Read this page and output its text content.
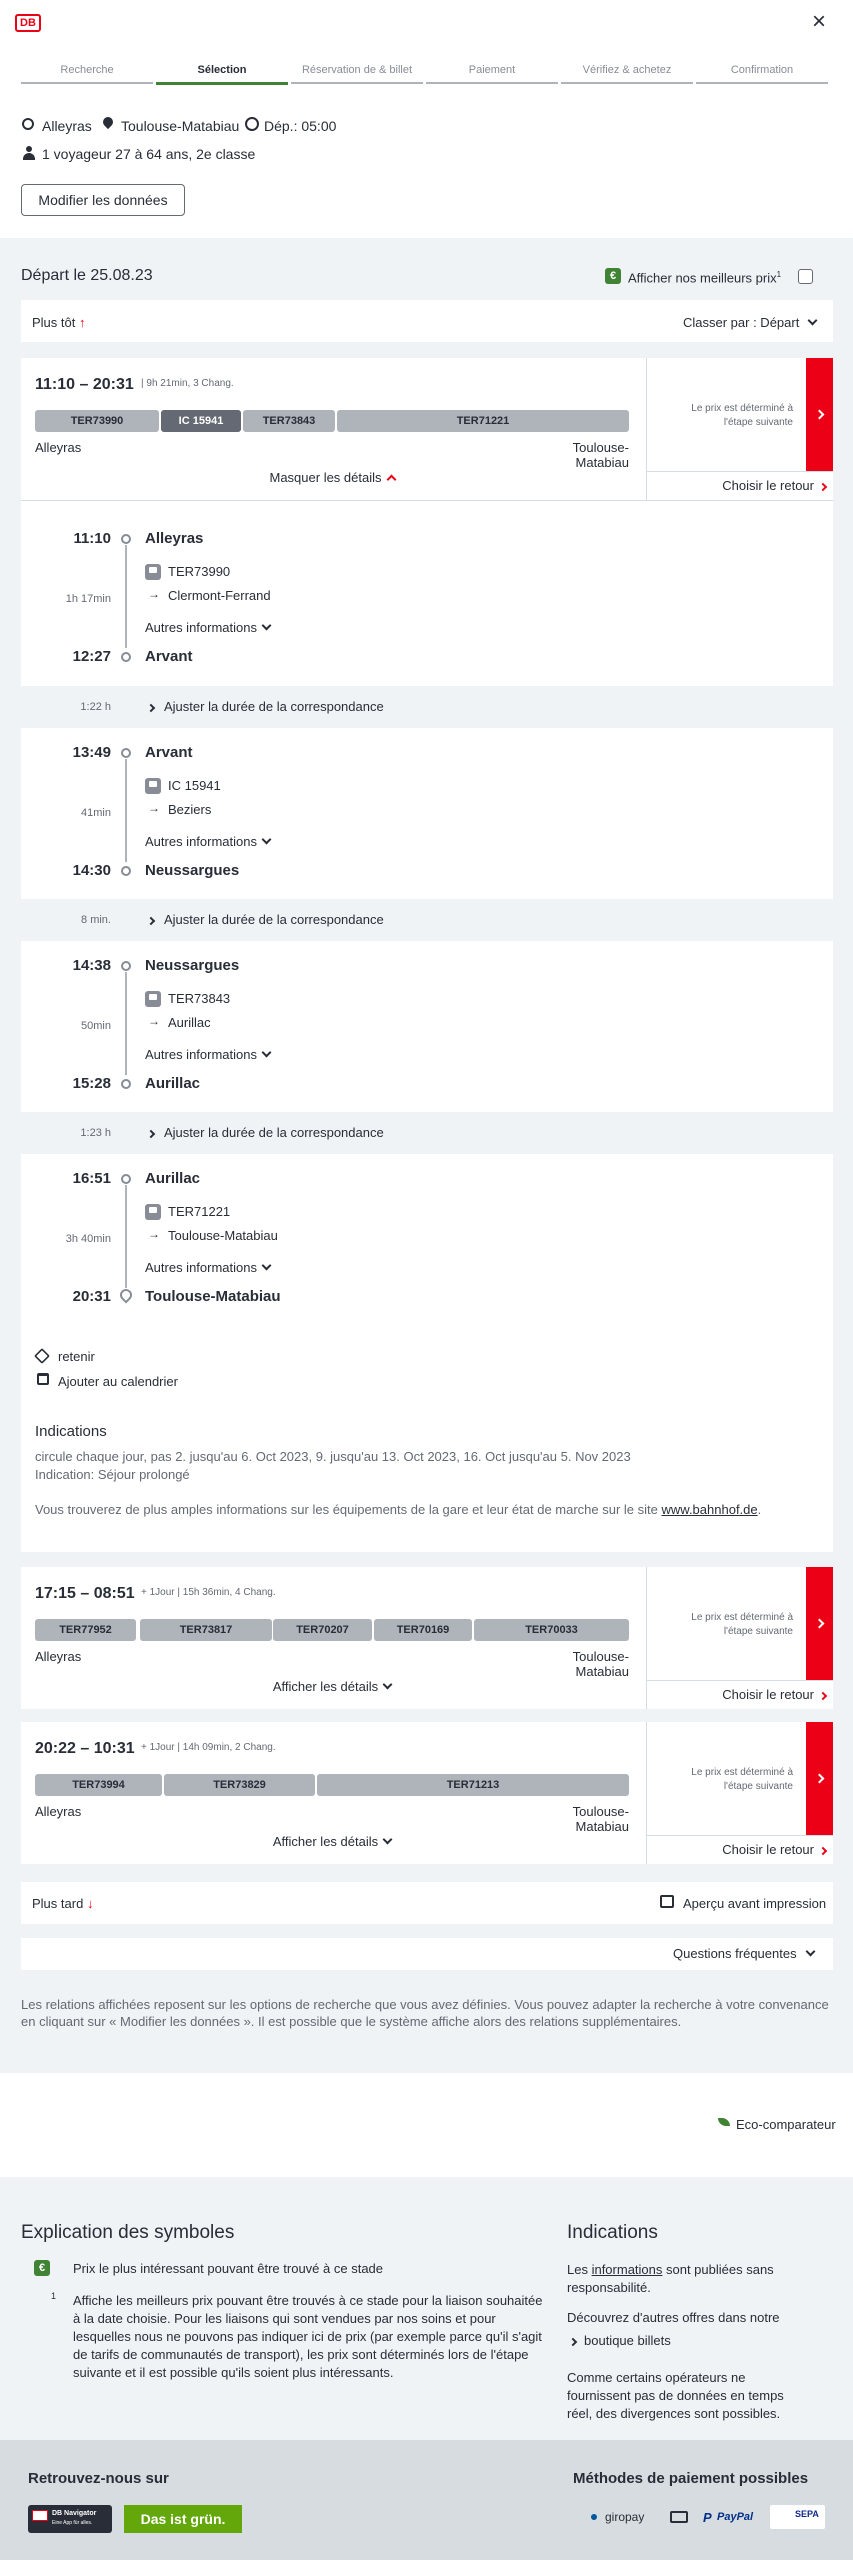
DB	×
Recherche	Sélection	Réservation de & billet	Paiement	Vérifiez & achetez	Confirmation
Alleyras Toulouse-Matabiau Dép.: 05:00
1 voyageur 27 à 64 ans, 2e classe
Modifier les données
Départ le 25.08.23	€ Afficher nos meilleurs prix$^1$
Plus tôt ↑	Classer par : Départ
11:10 – 20:31 | 9h 21min, 3 Chang.
TER73990	IC 15941	TER73843	TER71221
Alleyras	Toulouse-Matabiau
Masquer les détails
Le prix est déterminé à l'étape suivante
Choisir le retour
11:10 Alleyras
TER73990
1h 17min	→ Clermont-Ferrand
Autres informations
12:27 Arvant
13:49 Arvant
IC 15941
41min	→ Beziers
Autres informations
14:30 Neussargues
14:38 Neussargues
TER73843
50min	→ Aurillac
Autres informations
15:28 Aurillac
16:51 Aurillac
TER71221
3h 40min	→ Toulouse-Matabiau
Autres informations
20:31 Toulouse-Matabiau
1:22 h	Ajuster la durée de la correspondance
8 min.	Ajuster la durée de la correspondance
1:23 h	Ajuster la durée de la correspondance
retenir
Ajouter au calendrier
Indications
circule chaque jour, pas 2. jusqu'au 6. Oct 2023, 9. jusqu'au 13. Oct 2023, 16. Oct jusqu'au 5. Nov 2023
Indication: Séjour prolongé
Vous trouverez de plus amples informations sur les équipements de la gare et leur état de marche sur le site www.bahnhof.de.
17:15 – 08:51 + 1Jour | 15h 36min, 4 Chang.
TER77952	TER73817	TER70207	TER70169	TER70033
Alleyras	Toulouse-Matabiau
Afficher les détails
Le prix est déterminé à l'étape suivante
Choisir le retour
20:22 – 10:31 + 1Jour | 14h 09min, 2 Chang.
TER73994	TER73829	TER71213
Alleyras	Toulouse-Matabiau
Afficher les détails
Le prix est déterminé à l'étape suivante
Choisir le retour
Plus tard ↓	Aperçu avant impression
Questions fréquentes
Les relations affichées reposent sur les options de recherche que vous avez définies. Vous pouvez adapter la recherche à votre convenance en cliquant sur « Modifier les données ». Il est possible que le système affiche alors des relations supplémentaires.
Eco-comparateur
Explication des symboles
€	Prix le plus intéressant pouvant être trouvé à ce stade
1 Affiche les meilleurs prix pouvant être trouvés à ce stade pour la liaison souhaitée à la date choisie. Pour les liaisons qui sont vendues par nos soins et pour lesquelles nous ne pouvons pas indiquer ici de prix (par exemple parce qu'il s'agit de tarifs de communautés de transport), les prix sont déterminés lors de l'étape suivante et il est possible qu'ils soient plus intéressants.
Indications
Les informations sont publiées sans responsabilité.
Découvrez d'autres offres dans notre
boutique billets
Comme certains opérateurs ne fournissent pas de données en temps réel, des divergences sont possibles.
Retrouvez-nous sur
DB Navigator
Eine App für alles.	Das ist grün.
Méthodes de paiement possibles
giropay	P PayPal	SEPA
